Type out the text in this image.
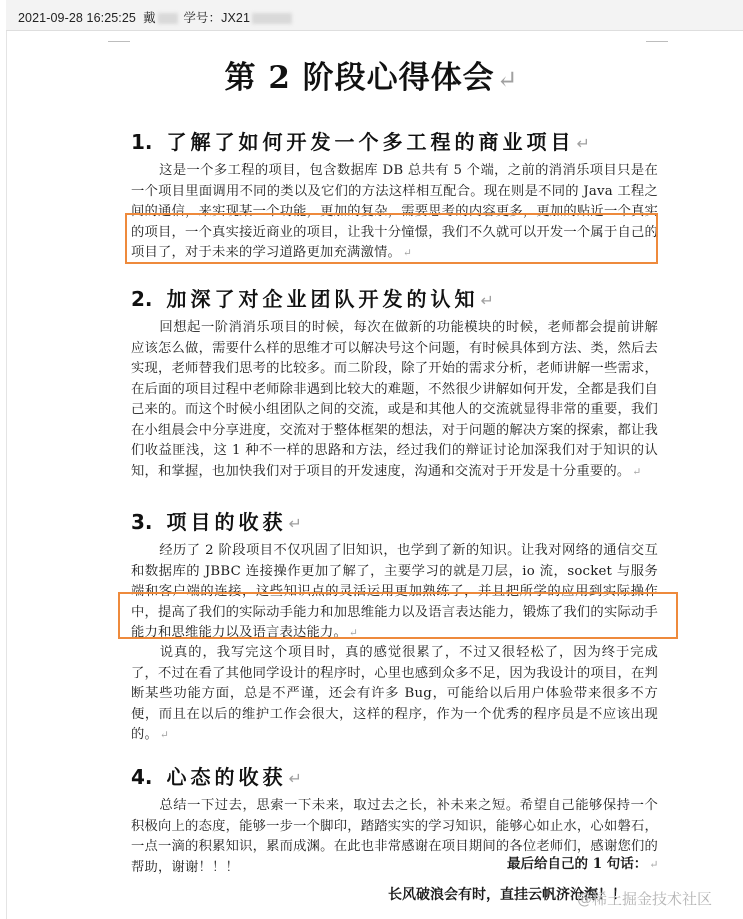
2021-09-28 16:25:25 戴 学号：JX21
第 2 阶段心得体会↵
1. 了解了如何开发一个多工程的商业项目 ↵
这是一个多工程的项目，包含数据库 DB 总共有 5 个端，之前的消消乐项目只是在一个项目里面调用不同的类以及它们的方法这样相互配合。现在则是不同的 Java 工程之间的通信，来实现某一个功能，更加的复杂，需要思考的内容更多，更加的贴近一个真实的项目，一个真实接近商业的项目，让我十分憧憬，我们不久就可以开发一个属于自己的项目了，对于未来的学习道路更加充满激情。 ↵
2. 加深了对企业团队开发的认知 ↵
回想起一阶消消乐项目的时候，每次在做新的功能模块的时候，老师都会提前讲解应该怎么做，需要什么样的思维才可以解决号这个问题，有时候具体到方法、类，然后去实现，老师替我们思考的比较多。而二阶段，除了开始的需求分析，老师讲解一些需求，在后面的项目过程中老师除非遇到比较大的难题，不然很少讲解如何开发，全都是我们自己来的。而这个时候小组团队之间的交流，或是和其他人的交流就显得非常的重要，我们在小组晨会中分享进度，交流对于整体框架的想法，对于问题的解决方案的探索，都让我们收益匪浅，这 1 种不一样的思路和方法，经过我们的辩证讨论加深我们对于知识的认知，和掌握，也加快我们对于项目的开发速度，沟通和交流对于开发是十分重要的。 ↵
3. 项目的收获 ↵
经历了 2 阶段项目不仅巩固了旧知识，也学到了新的知识。让我对网络的通信交互和数据库的 JBBC 连接操作更加了解了，主要学习的就是刀层，io 流，socket 与服务端和客户端的连接，这些知识点的灵活运用更加熟练了，并且把所学的应用到实际操作中，提高了我们的实际动手能力和加思维能力以及语言表达能力，锻炼了我们的实际动手能力和思维能力以及语言表达能力。 ↵
说真的，我写完这个项目时，真的感觉很累了，不过又很轻松了，因为终于完成了，不过在看了其他同学设计的程序时，心里也感到众多不足，因为我设计的项目，在判断某些功能方面，总是不严谨，还会有许多 Bug，可能给以后用户体验带来很多不方便，而且在以后的维护工作会很大，这样的程序，作为一个优秀的程序员是不应该出现的。 ↵
4. 心态的收获 ↵
总结一下过去，思索一下未来，取过去之长，补未来之短。希望自己能够保持一个积极向上的态度，能够一步一个脚印，踏踏实实的学习知识，能够心如止水，心如磐石，一点一滴的积累知识，累而成渊。在此也非常感谢在项目期间的各位老师们，感谢您们的帮助，谢谢！！！	最后给自己的 1 句话： ↵
长风破浪会有时，直挂云帆济沧海！！
@稀土掘金技术社区
